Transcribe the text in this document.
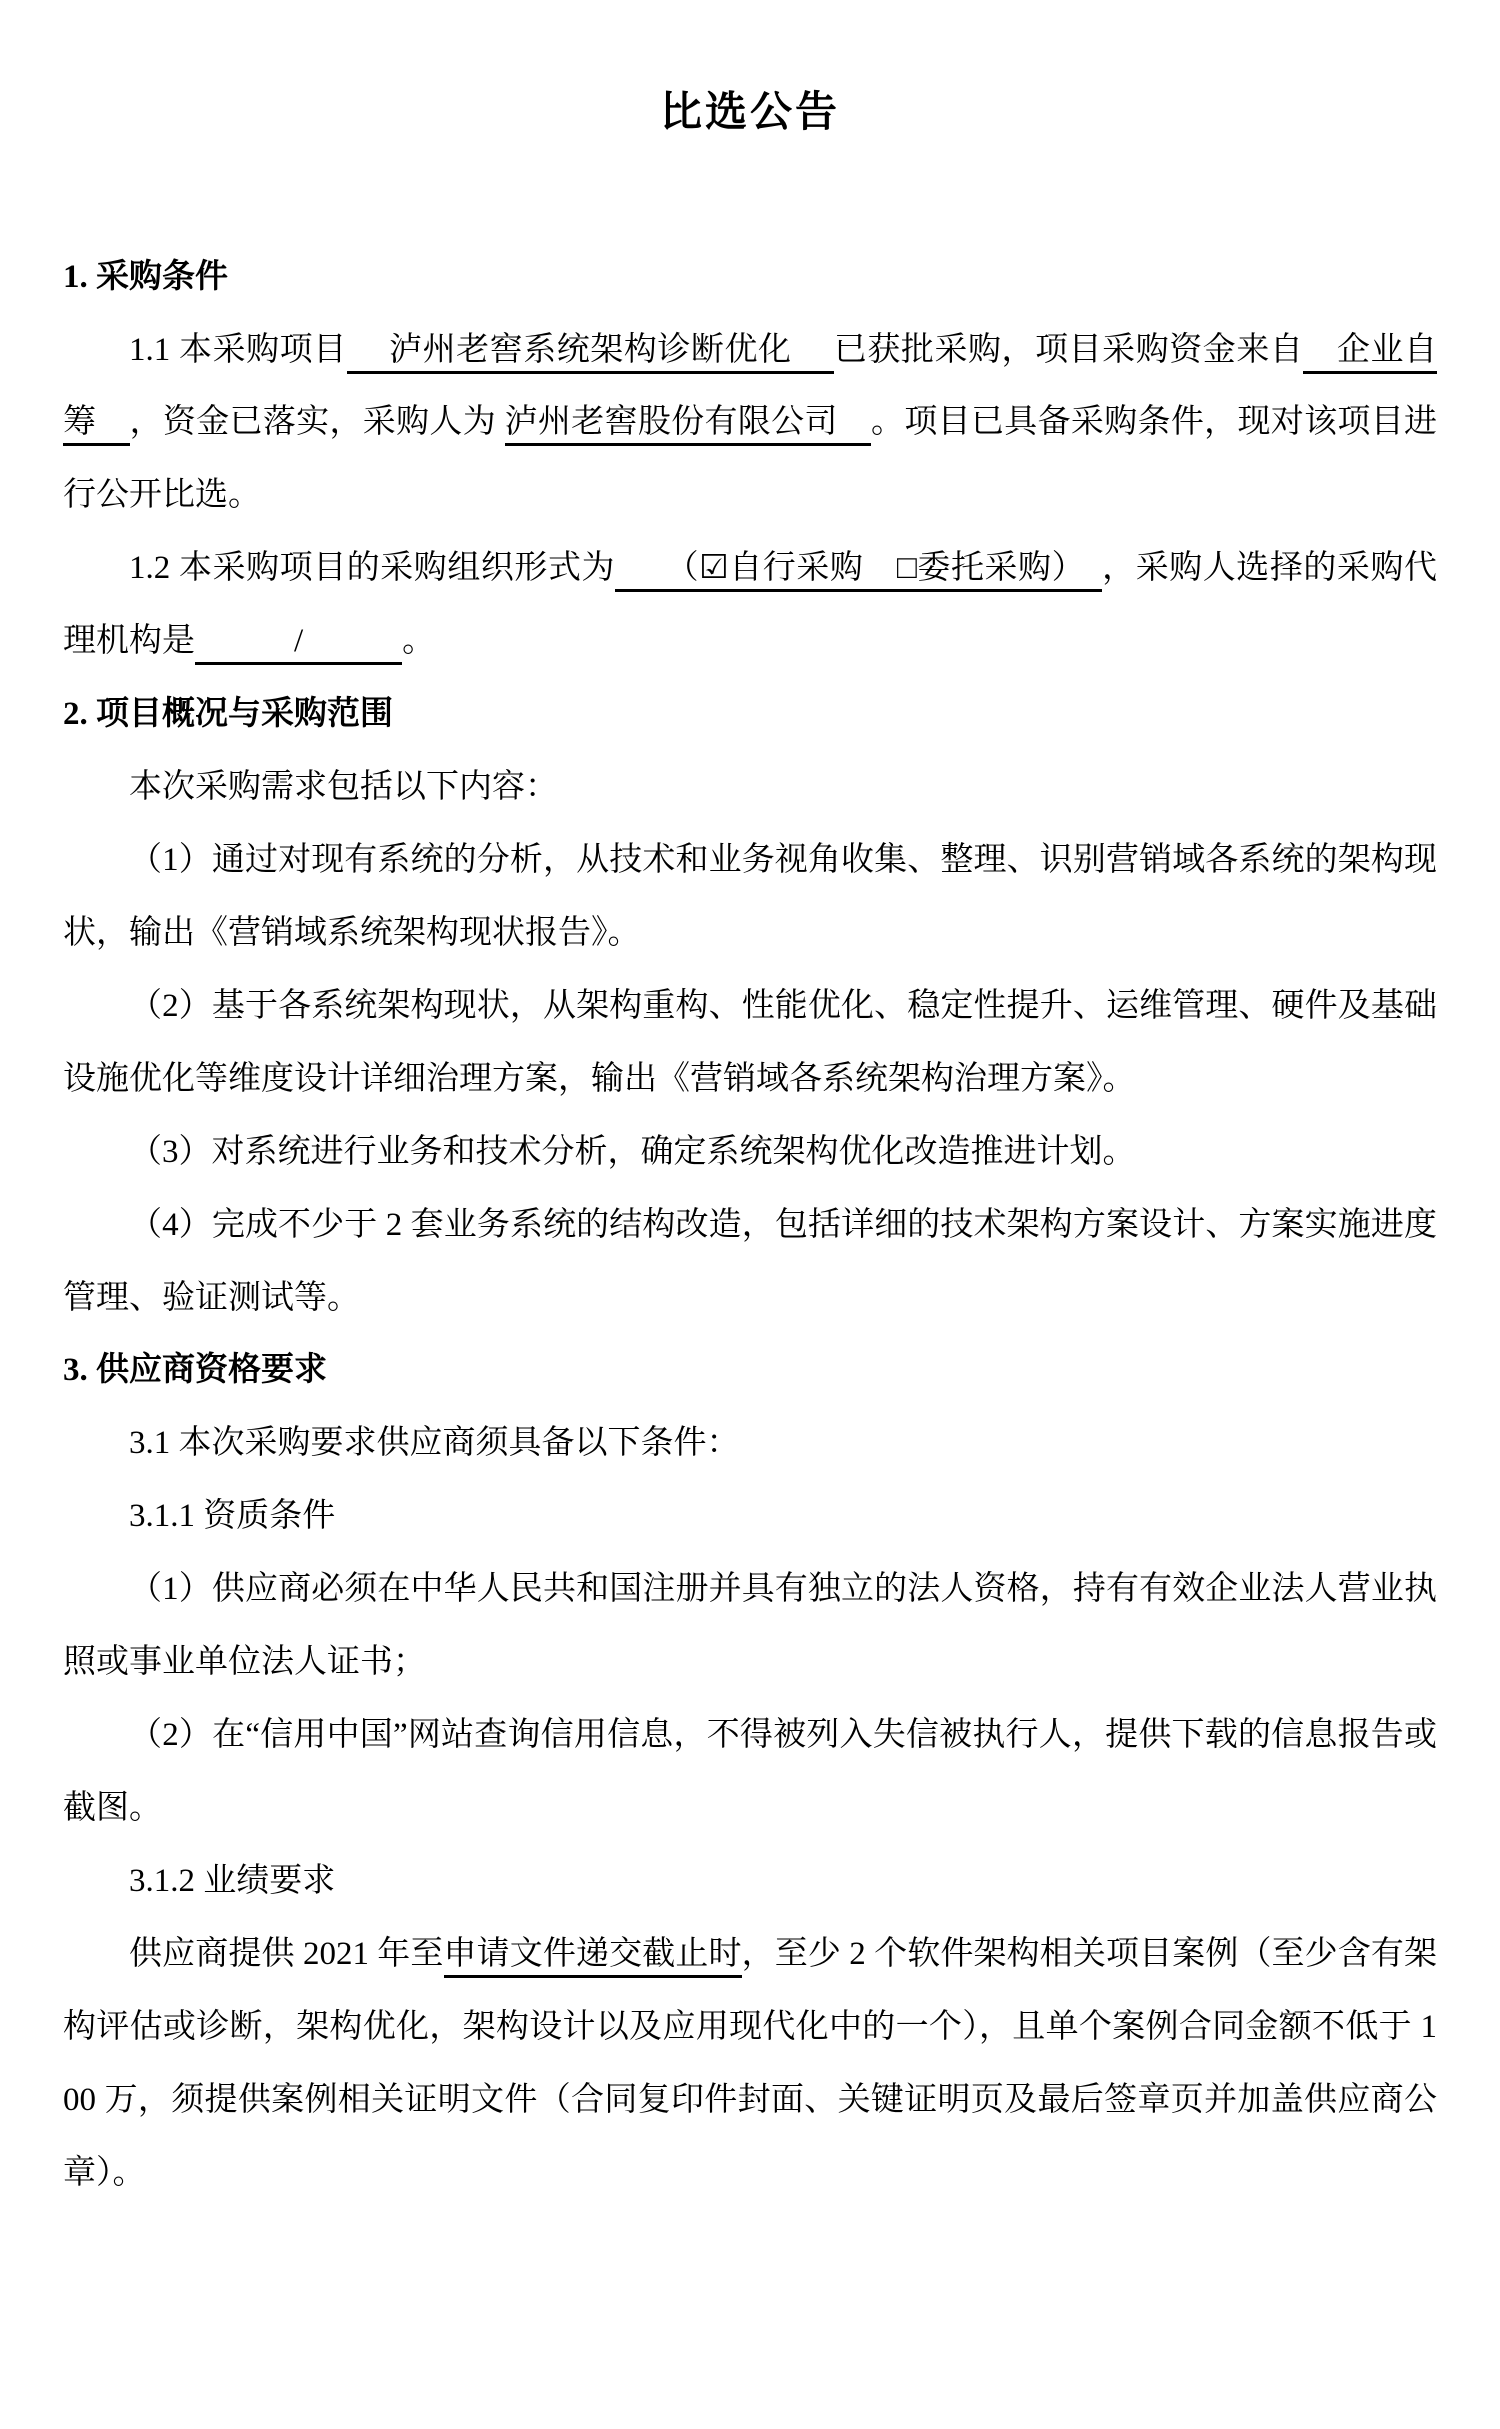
比选公告

1. 采购条件

1.1 本采购项目　 泸州老窖系统架构诊断优化 　已获批采购，项目采购资金来自　企业自筹　，资金已落实，采购人为 泸州老窖股份有限公司　。项目已具备采购条件，现对该项目进行公开比选。

1.2 本采购项目的采购组织形式为　　（☑自行采购　□委托采购）　，采购人选择的采购代理机构是　　　/　　　。

2. 项目概况与采购范围

本次采购需求包括以下内容：

（1）通过对现有系统的分析，从技术和业务视角收集、整理、识别营销域各系统的架构现状，输出《营销域系统架构现状报告》。

（2）基于各系统架构现状，从架构重构、性能优化、稳定性提升、运维管理、硬件及基础设施优化等维度设计详细治理方案，输出《营销域各系统架构治理方案》。

（3）对系统进行业务和技术分析，确定系统架构优化改造推进计划。

（4）完成不少于 2 套业务系统的结构改造，包括详细的技术架构方案设计、方案实施进度管理、验证测试等。

3. 供应商资格要求

3.1 本次采购要求供应商须具备以下条件：

3.1.1 资质条件

（1）供应商必须在中华人民共和国注册并具有独立的法人资格，持有有效企业法人营业执照或事业单位法人证书；

（2）在“信用中国”网站查询信用信息，不得被列入失信被执行人，提供下载的信息报告或截图。

3.1.2 业绩要求

供应商提供 2021 年至申请文件递交截止时，至少 2 个软件架构相关项目案例（至少含有架构评估或诊断，架构优化，架构设计以及应用现代化中的一个），且单个案例合同金额不低于 100 万，须提供案例相关证明文件（合同复印件封面、关键证明页及最后签章页并加盖供应商公章）。
